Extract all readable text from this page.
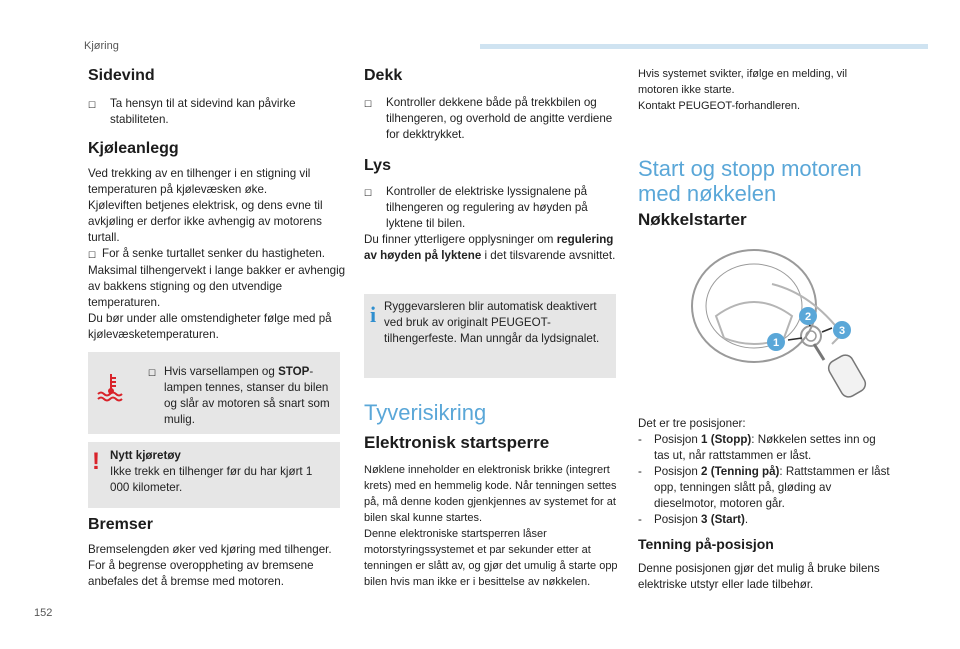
Kjøring
Sidevind
☐	Ta hensyn til at sidevind kan påvirke stabiliteten.
Kjøleanlegg

Ved trekking av en tilhenger i en stigning vil temperaturen på kjølevæsken øke.

Kjøleviften betjenes elektrisk, og dens evne til avkjøling er derfor ikke avhengig av motorens turtall.

☐ For å senke turtallet senker du hastigheten.

Maksimal tilhengervekt i lange bakker er avhengig av bakkens stigning og den utvendige temperaturen.

Du bør under alle omstendigheter følge med på kjølevæsketemperaturen.

☐ Hvis varsellampen og STOP-lampen tennes, stanser du bilen og slår av motoren så snart som mulig.
! Nytt kjøretøy
Ikke trekk en tilhenger før du har kjørt 1 000 kilometer.
Bremser

Bremselengden øker ved kjøring med tilhenger. For å begrense overoppheting av bremsene anbefales det å bremse med motoren.

152
Dekk
☐	Kontroller dekkene både på trekkbilen og tilhengeren, og overhold de angitte verdiene for dekktrykket.
Lys
☐	Kontroller de elektriske lyssignalene på tilhengeren og regulering av høyden på lyktene til bilen.

Du finner ytterligere opplysninger om regulering av høyden på lyktene i det tilsvarende avsnittet.

i Ryggevarsleren blir automatisk deaktivert ved bruk av originalt PEUGEOT-tilhengerfeste. Man unngår da lydsignalet.

Tyverisikring
Elektronisk startsperre

Nøklene inneholder en elektronisk brikke (integrert krets) med en hemmelig kode. Når tenningen settes på, må denne koden gjenkjennes av systemet for at bilen skal kunne startes.

Denne elektroniske startsperren låser motorstyringssystemet et par sekunder etter at tenningen er slått av, og gjør det umulig å starte opp bilen hvis man ikke er i besittelse av nøkkelen.

Hvis systemet svikter, ifølge en melding, vil motoren ikke starte.
Kontakt PEUGEOT-forhandleren.
Start og stopp motoren
med nøkkelen
Nøkkelstarter
1
2
3
Det er tre posisjoner:
-	Posisjon 1 (Stopp): Nøkkelen settes inn og tas ut, når rattstammen er låst.
-	Posisjon 2 (Tenning på): Rattstammen er låst opp, tenningen slått på, gløding av dieselmotor, motoren går.
-	Posisjon 3 (Start).
Tenning på-posisjon

Denne posisjonen gjør det mulig å bruke bilens elektriske utstyr eller lade tilbehør.
